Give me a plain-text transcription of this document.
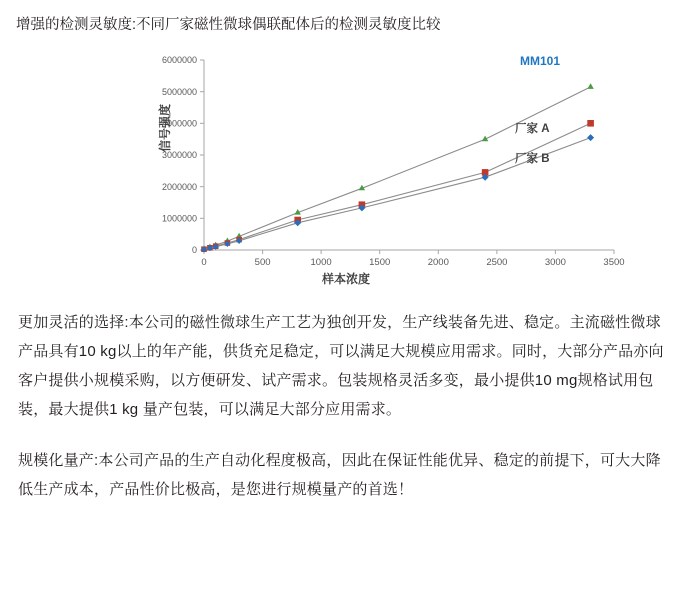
增强的检测灵敏度:不同厂家磁性微球偶联配体后的检测灵敏度比较
0
1000000
2000000
3000000
4000000
5000000
6000000
0	500	1000	1500	2000	2500	3000	3500
信号强度
样本浓度
MM101
厂家 A
厂家 B

更加灵活的选择:本公司的磁性微球生产工艺为独创开发，生产线装备先进、稳定。主流磁性微球产品具有10 kg以上的年产能，供货充足稳定，可以满足大规模应用需求。同时，大部分产品亦向客户提供小规模采购，以方便研发、试产需求。包装规格灵活多变，最小提供10 mg规格试用包装，最大提供1 kg 量产包装，可以满足大部分应用需求。

规模化量产:本公司产品的生产自动化程度极高，因此在保证性能优异、稳定的前提下，可大大降低生产成本，产品性价比极高，是您进行规模量产的首选！
